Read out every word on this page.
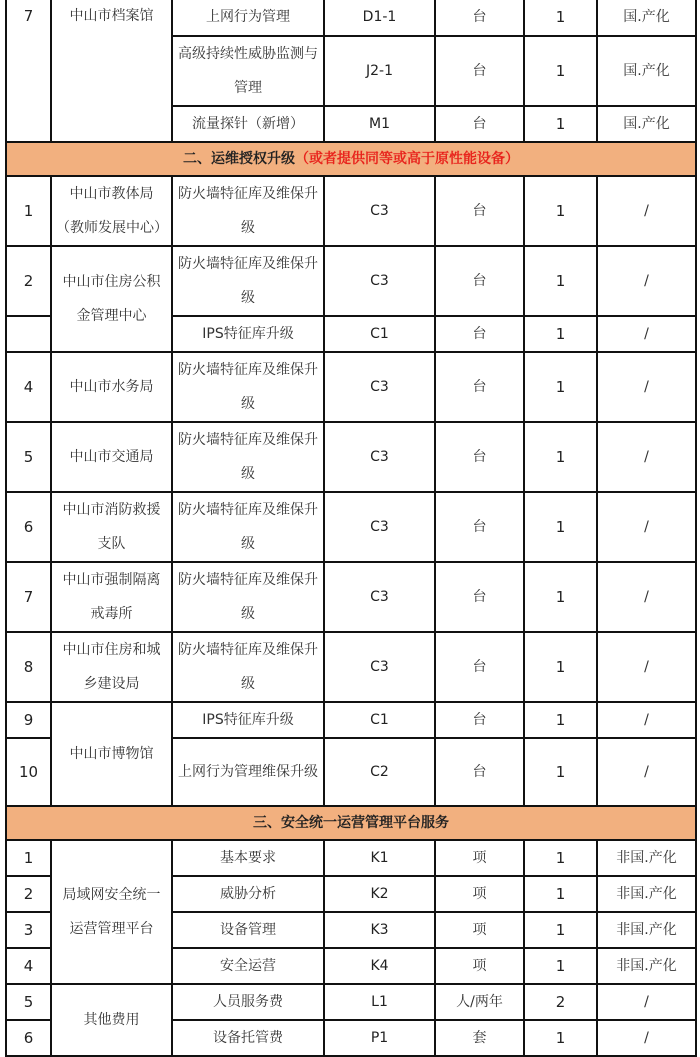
7	中山市档案馆	上网行为管理	D1-1	台	1	国.产化
		高级持续性威胁监测与管理	J2-1	台	1	国.产化
		流量探针（新增）	M1	台	1	国.产化
二、运维授权升级（或者提供同等或高于原性能设备）						
1	中山市教体局（教师发展中心）	防火墙特征库及维保升级	C3	台	1	/
2	中山市住房公积金管理中心	防火墙特征库及维保升级	C3	台	1	/
		IPS特征库升级	C1	台	1	/
4	中山市水务局	防火墙特征库及维保升级	C3	台	1	/
5	中山市交通局	防火墙特征库及维保升级	C3	台	1	/
6	中山市消防救援支队	防火墙特征库及维保升级	C3	台	1	/
7	中山市强制隔离戒毒所	防火墙特征库及维保升级	C3	台	1	/
8	中山市住房和城乡建设局	防火墙特征库及维保升级	C3	台	1	/
9	中山市博物馆	IPS特征库升级	C1	台	1	/
10		上网行为管理维保升级	C2	台	1	/
三、安全统一运营管理平台服务						
1	局域网安全统一运营管理平台	基本要求	K1	项	1	非国.产化
2		威胁分析	K2	项	1	非国.产化
3		设备管理	K3	项	1	非国.产化
4		安全运营	K4	项	1	非国.产化
5	其他费用	人员服务费	L1	人/两年	2	/
6		设备托管费	P1	套	1	/
